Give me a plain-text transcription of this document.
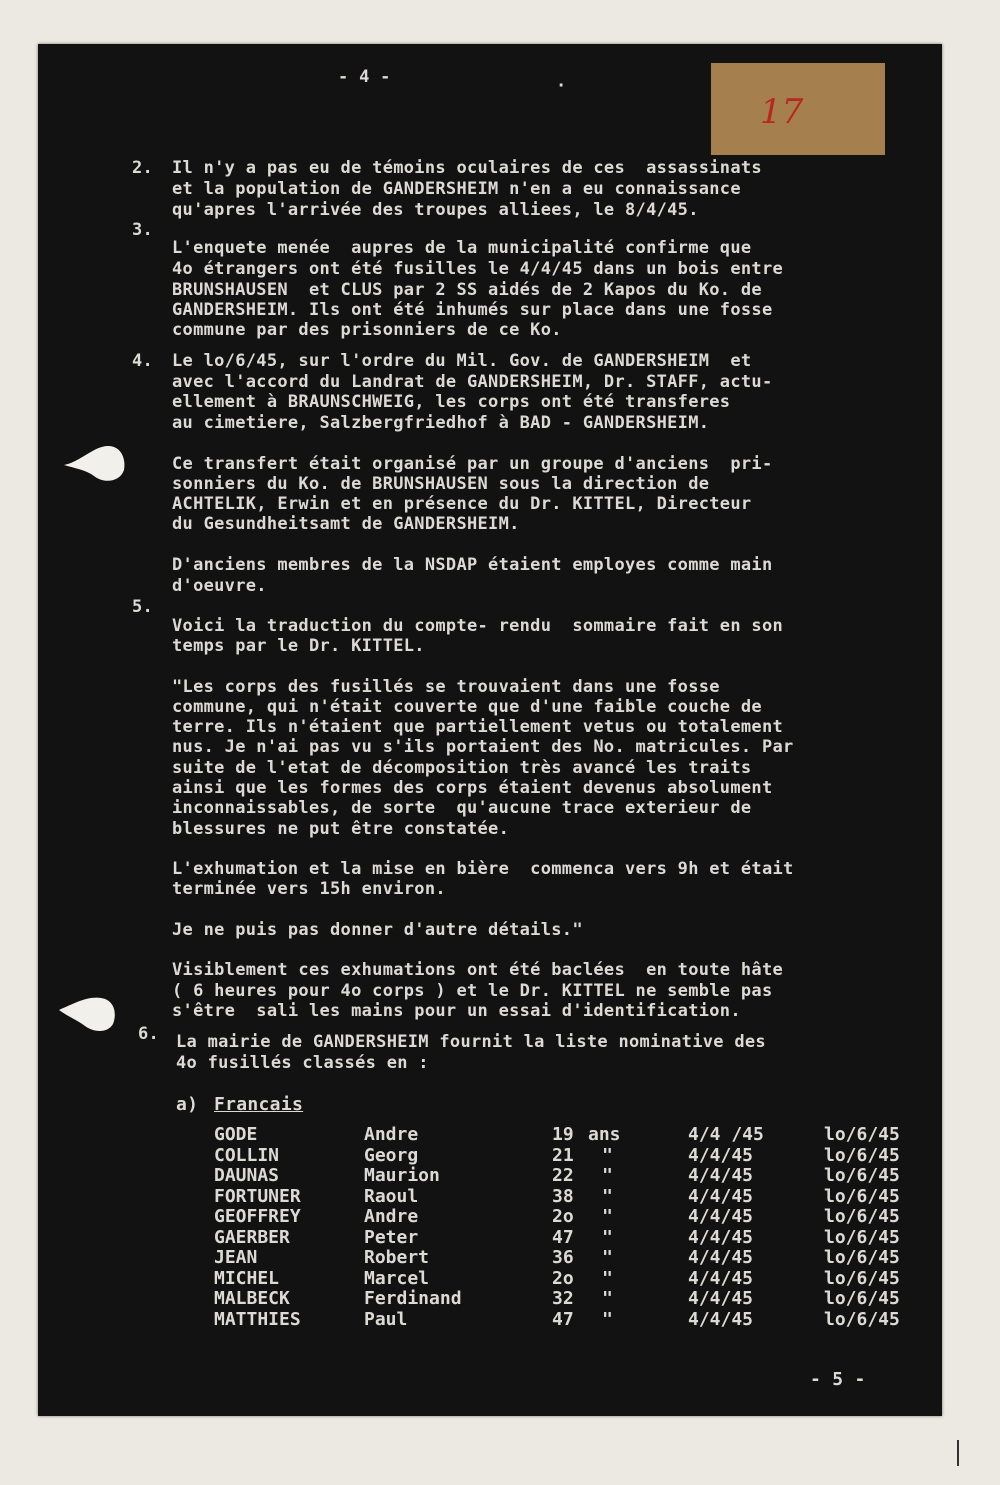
17
- 4 -	·
2. Il n'y a pas eu de témoins oculaires de ces  assassinats
et la population de GANDERSHEIM n'en a eu connaissance
qu'apres l'arrivée des troupes alliees, le 8/4/45.
3.
L'enquete menée  aupres de la municipalité confirme que
4o étrangers ont été fusilles le 4/4/45 dans un bois entre
BRUNSHAUSEN  et CLUS par 2 SS aidés de 2 Kapos du Ko. de
GANDERSHEIM. Ils ont été inhumés sur place dans une fosse
commune par des prisonniers de ce Ko.
4. Le lo/6/45, sur l'ordre du Mil. Gov. de GANDERSHEIM  et
avec l'accord du Landrat de GANDERSHEIM, Dr. STAFF, actu-
ellement à BRAUNSCHWEIG, les corps ont été transferes
au cimetiere, Salzbergfriedhof à BAD - GANDERSHEIM.
Ce transfert était organisé par un groupe d'anciens  pri-
sonniers du Ko. de BRUNSHAUSEN sous la direction de
ACHTELIK, Erwin et en présence du Dr. KITTEL, Directeur
du Gesundheitsamt de GANDERSHEIM.
D'anciens membres de la NSDAP étaient employes comme main
d'oeuvre.
5.
Voici la traduction du compte- rendu  sommaire fait en son
temps par le Dr. KITTEL.
"Les corps des fusillés se trouvaient dans une fosse
commune, qui n'était couverte que d'une faible couche de
terre. Ils n'étaient que partiellement vetus ou totalement
nus. Je n'ai pas vu s'ils portaient des No. matricules. Par
suite de l'etat de décomposition très avancé les traits
ainsi que les formes des corps étaient devenus absolument
inconnaissables, de sorte  qu'aucune trace exterieur de
blessures ne put être constatée.
L'exhumation et la mise en bière  commenca vers 9h et était
terminée vers 15h environ.
Je ne puis pas donner d'autre détails."
Visiblement ces exhumations ont été baclées  en toute hâte
( 6 heures pour 4o corps ) et le Dr. KITTEL ne semble pas
s'être  sali les mains pour un essai d'identification.
6. La mairie de GANDERSHEIM fournit la liste nominative des
4o fusillés classés en :
a) Francais
GODE	Andre	19 ans	4/4 /45	lo/6/45
COLLIN	Georg	21 "	4/4/45	lo/6/45
DAUNAS	Maurion	22 "	4/4/45	lo/6/45
FORTUNER	Raoul	38 "	4/4/45	lo/6/45
GEOFFREY	Andre	2o "	4/4/45	lo/6/45
GAERBER	Peter	47 "	4/4/45	lo/6/45
JEAN	Robert	36 "	4/4/45	lo/6/45
MICHEL	Marcel	2o "	4/4/45	lo/6/45
MALBECK	Ferdinand	32 "	4/4/45	lo/6/45
MATTHIES	Paul	47 "	4/4/45	lo/6/45
- 5 -
